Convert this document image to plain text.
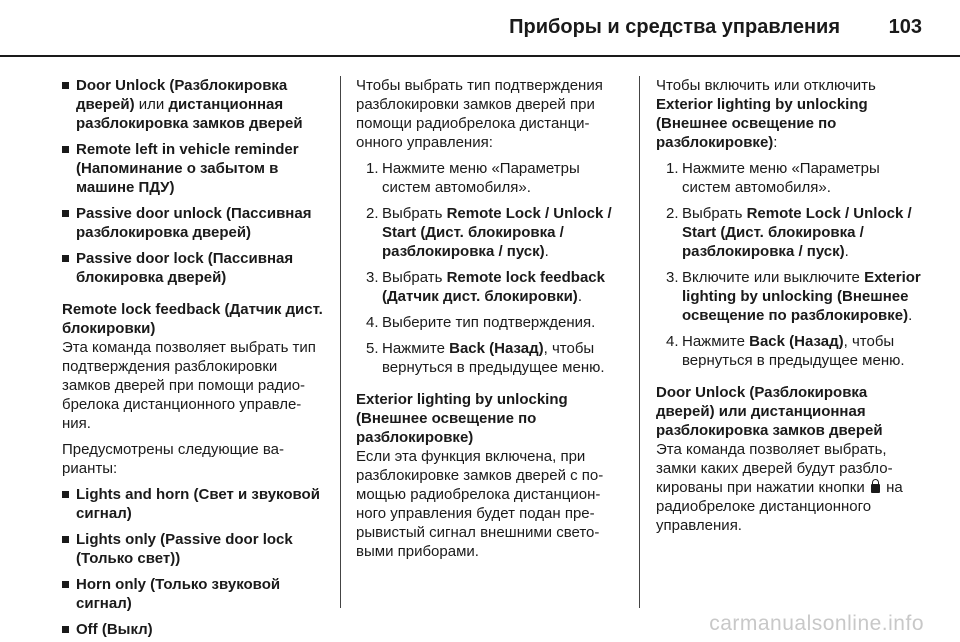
Приборы и средства управления 103
Door Unlock (Разблокировка дверей) или дистанционная разблокировка замков дверей
Remote left in vehicle reminder (Напоминание о забытом в машине ПДУ)
Passive door unlock (Пассивная разблокировка дверей)
Passive door lock (Пассивная блокировка дверей)
Remote lock feedback (Датчик дист. блокировки)

Эта команда позволяет выбрать тип подтверждения разблокировки замков дверей при помощи радио-брелока дистанционного управле-ния.

Предусмотрены следующие ва-рианты:

Lights and horn (Свет и звуковой сигнал)
Lights only (Passive door lock (Только свет))
Horn only (Только звуковой сигнал)
Off (Выкл)

Чтобы выбрать тип подтверждения разблокировки замков дверей при помощи радиобрелока дистанци-онного управления:

1. Нажмите меню «Параметры систем автомобиля».
2. Выбрать Remote Lock / Unlock / Start (Дист. блокировка / разблокировка / пуск).
3. Выбрать Remote lock feedback (Датчик дист. блокировки).
4. Выберите тип подтверждения.
5. Нажмите Back (Назад), чтобы вернуться в предыдущее меню.
Exterior lighting by unlocking (Внешнее освещение по разблокировке)

Если эта функция включена, при разблокировке замков дверей с по-мощью радиобрелока дистанцион-ного управления будет подан пре-рывистый сигнал внешними свето-выми приборами.

Чтобы включить или отключить Exterior lighting by unlocking (Внешнее освещение по разблокировке):

1. Нажмите меню «Параметры систем автомобиля».
2. Выбрать Remote Lock / Unlock / Start (Дист. блокировка / разблокировка / пуск).
3. Включите или выключите Exterior lighting by unlocking (Внешнее освещение по разблокировке).
4. Нажмите Back (Назад), чтобы вернуться в предыдущее меню.
Door Unlock (Разблокировка дверей) или дистанционная разблокировка замков дверей

Эта команда позволяет выбрать, замки каких дверей будут разбло-кированы при нажатии кнопки  на радиобрелоке дистанционного управления.

carmanualsonline.info
